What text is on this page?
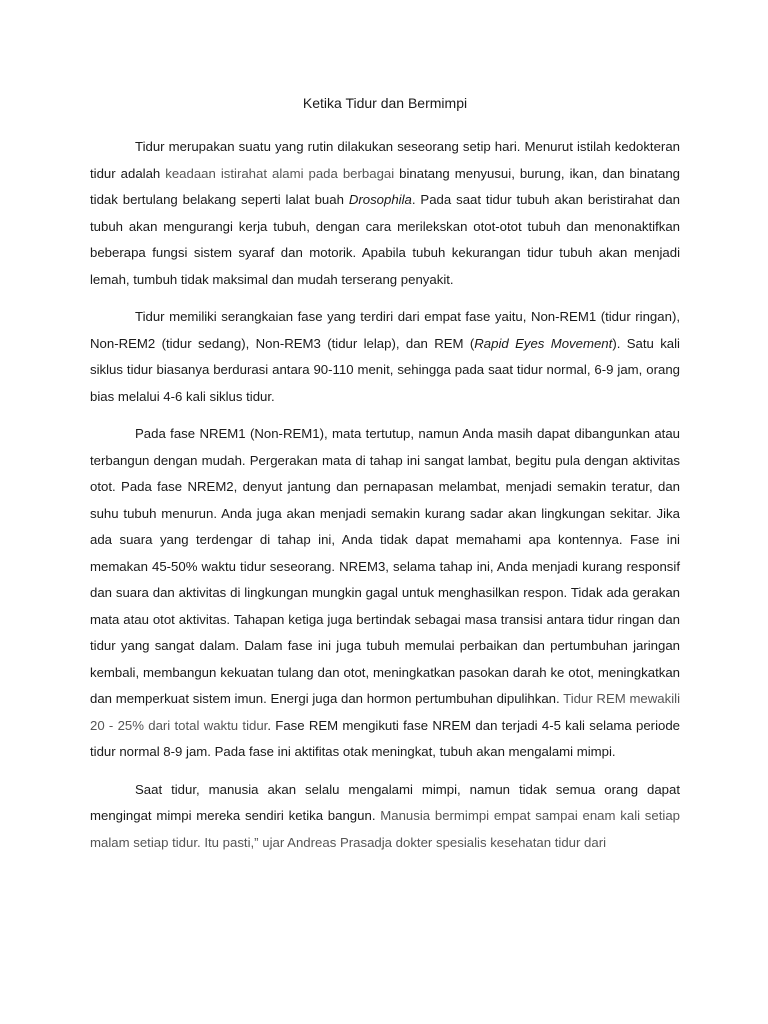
Ketika Tidur dan Bermimpi

Tidur merupakan suatu yang rutin dilakukan seseorang setip hari. Menurut istilah kedokteran tidur adalah keadaan istirahat alami pada berbagai binatang menyusui, burung, ikan, dan binatang tidak bertulang belakang seperti lalat buah Drosophila. Pada saat tidur tubuh akan beristirahat dan tubuh akan mengurangi kerja tubuh, dengan cara merilekskan otot-otot tubuh dan menonaktifkan beberapa fungsi sistem syaraf dan motorik. Apabila tubuh kekurangan tidur tubuh akan menjadi lemah, tumbuh tidak maksimal dan mudah terserang penyakit.

Tidur memiliki serangkaian fase yang terdiri dari empat fase yaitu, Non-REM1 (tidur ringan), Non-REM2 (tidur sedang), Non-REM3 (tidur lelap), dan REM (Rapid Eyes Movement). Satu kali siklus tidur biasanya berdurasi antara 90-110 menit, sehingga pada saat tidur normal, 6-9 jam, orang bias melalui 4-6 kali siklus tidur.

Pada fase NREM1 (Non-REM1), mata tertutup, namun Anda masih dapat dibangunkan atau terbangun dengan mudah. Pergerakan mata di tahap ini sangat lambat, begitu pula dengan aktivitas otot. Pada fase NREM2, denyut jantung dan pernapasan melambat, menjadi semakin teratur, dan suhu tubuh menurun. Anda juga akan menjadi semakin kurang sadar akan lingkungan sekitar. Jika ada suara yang terdengar di tahap ini, Anda tidak dapat memahami apa kontennya. Fase ini memakan 45-50% waktu tidur seseorang. NREM3, selama tahap ini, Anda menjadi kurang responsif dan suara dan aktivitas di lingkungan mungkin gagal untuk menghasilkan respon. Tidak ada gerakan mata atau otot aktivitas. Tahapan ketiga juga bertindak sebagai masa transisi antara tidur ringan dan tidur yang sangat dalam. Dalam fase ini juga tubuh memulai perbaikan dan pertumbuhan jaringan kembali, membangun kekuatan tulang dan otot, meningkatkan pasokan darah ke otot, meningkatkan dan memperkuat sistem imun. Energi juga dan hormon pertumbuhan dipulihkan. Tidur REM mewakili 20 - 25% dari total waktu tidur. Fase REM mengikuti fase NREM dan terjadi 4-5 kali selama periode tidur normal 8-9 jam. Pada fase ini aktifitas otak meningkat, tubuh akan mengalami mimpi.

Saat tidur, manusia akan selalu mengalami mimpi, namun tidak semua orang dapat mengingat mimpi mereka sendiri ketika bangun. Manusia bermimpi empat sampai enam kali setiap malam setiap tidur. Itu pasti,” ujar Andreas Prasadja dokter spesialis kesehatan tidur dari
